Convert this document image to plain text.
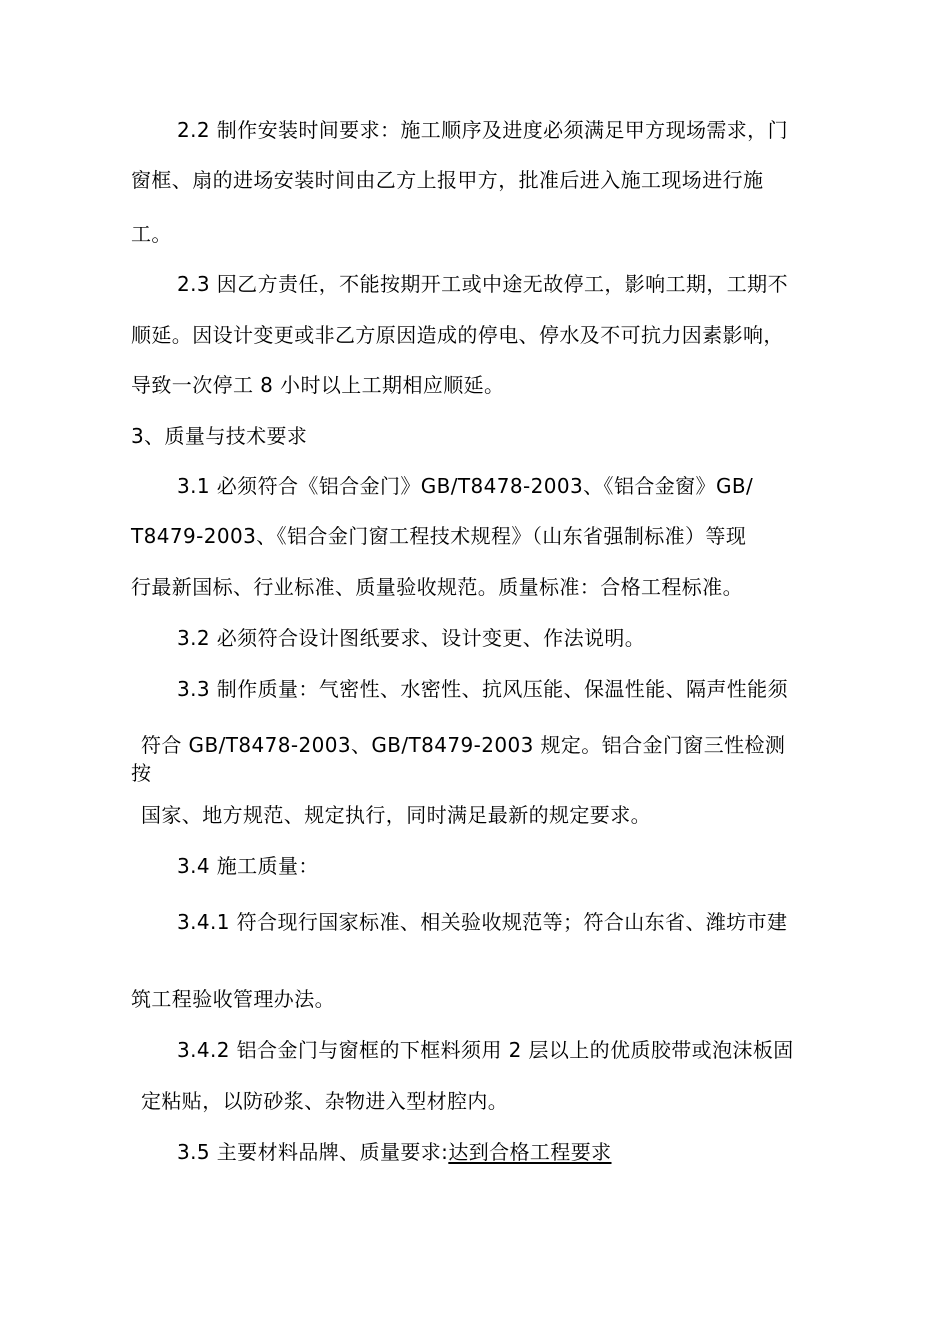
2.2 制作安装时间要求：施工顺序及进度必须满足甲方现场需求，门
窗框、扇的进场安装时间由乙方上报甲方，批准后进入施工现场进行施
工。
2.3 因乙方责任，不能按期开工或中途无故停工，影响工期，工期不
顺延。因设计变更或非乙方原因造成的停电、停水及不可抗力因素影响，
导致一次停工 8 小时以上工期相应顺延。
3、质量与技术要求
3.1 必须符合《铝合金门》GB/T8478-2003、《铝合金窗》GB/
T8479-2003、《铝合金门窗工程技术规程》（山东省强制标准）等现
行最新国标、行业标准、质量验收规范。质量标准：合格工程标准。
3.2 必须符合设计图纸要求、设计变更、作法说明。
3.3 制作质量：气密性、水密性、抗风压能、保温性能、隔声性能须
符合 GB/T8478-2003、GB/T8479-2003 规定。铝合金门窗三性检测
按
国家、地方规范、规定执行，同时满足最新的规定要求。
3.4 施工质量：
3.4.1 符合现行国家标准、相关验收规范等；符合山东省、潍坊市建
筑工程验收管理办法。
3.4.2 铝合金门与窗框的下框料须用 2 层以上的优质胶带或泡沫板固
定粘贴，以防砂浆、杂物进入型材腔内。
3.5 主要材料品牌、质量要求:达到合格工程要求
